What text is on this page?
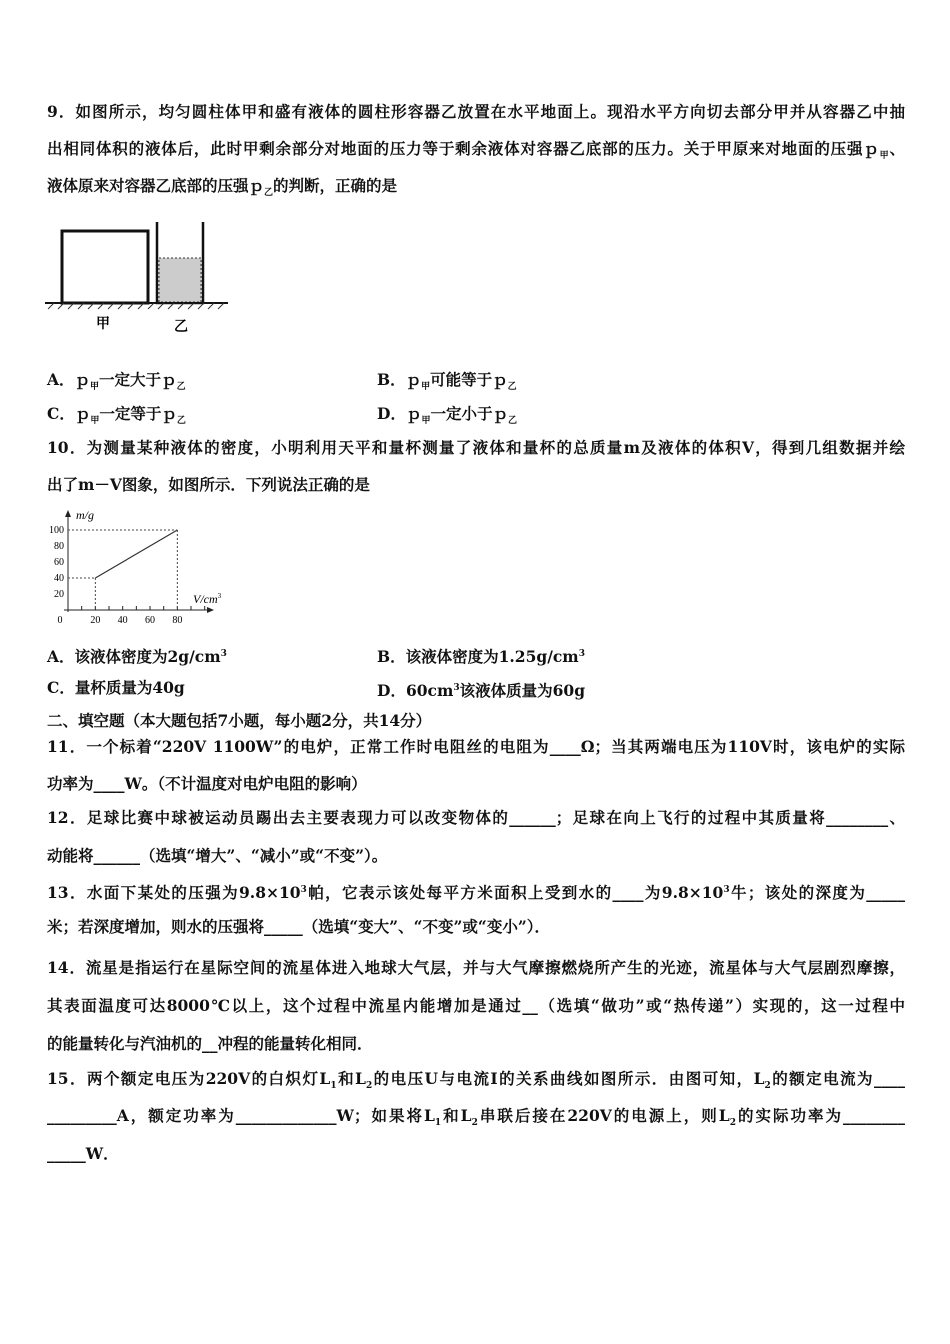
9．如图所示，均匀圆柱体甲和盛有液体的圆柱形容器乙放置在水平地面上。现沿水平方向切去部分甲并从容器乙中抽
出相同体积的液体后，此时甲剩余部分对地面的压力等于剩余液体对容器乙底部的压力。关于甲原来对地面的压强ｐ$_甲$、
液体原来对容器乙底部的压强ｐ$_乙$的判断，正确的是
甲	乙
A．ｐ$_甲$一定大于ｐ$_乙$	B．ｐ$_甲$可能等于ｐ$_乙$
C．ｐ$_甲$一定等于ｐ$_乙$	D．ｐ$_甲$一定小于ｐ$_乙$
10．为测量某种液体的密度，小明利用天平和量杯测量了液体和量杯的总质量m及液体的体积V，得到几组数据并绘
出了m－V图象，如图所示．下列说法正确的是
m/g
$V/cm^3$
100
80
60
40
20
0	20 40 60 80
A．该液体密度为$2g/cm^3$	B．该液体密度为$1.25g/cm^3$
C．量杯质量为40g	D．$60cm^3$该液体质量为60g
二、填空题（本大题包括7小题，每小题2分，共14分）
11．一个标着“220V 1100W”的电炉，正常工作时电阻丝的电阻为____Ω；当其两端电压为110V时，该电炉的实际
功率为____W。（不计温度对电炉电阻的影响）
12．足球比赛中球被运动员踢出去主要表现力可以改变物体的______；足球在向上飞行的过程中其质量将________、
动能将______（选填“增大”、“减小”或“不变”）。
13．水面下某处的压强为$9.8\times 10^3$帕，它表示该处每平方米面积上受到水的____为$9.8\times 10^3$牛；该处的深度为_____
米；若深度增加，则水的压强将_____（选填“变大”、“不变”或“变小”）．
14．流星是指运行在星际空间的流星体进入地球大气层，并与大气摩擦燃烧所产生的光迹，流星体与大气层剧烈摩擦，
其表面温度可达8000℃以上，这个过程中流星内能增加是通过__（选填“做功”或“热传递”）实现的，这一过程中
的能量转化与汽油机的__冲程的能量转化相同．
15．两个额定电压为220V的白炽灯$L_1$和$L_2$的电压U与电流I的关系曲线如图所示．由图可知，$L_2$的额定电流为____
_________A，额定功率为_____________W；如果将$L_1$和$L_2$串联后接在220V的电源上，则$L_2$的实际功率为________
_____W．
